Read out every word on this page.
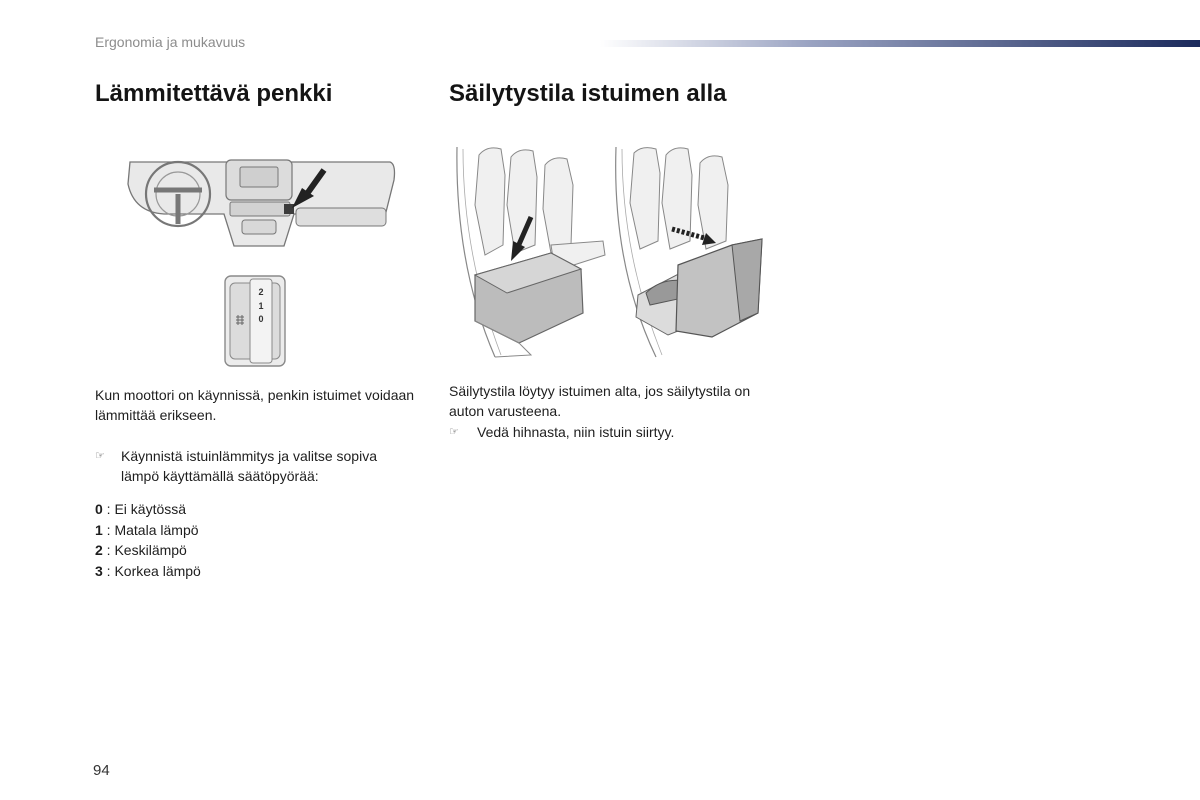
Ergonomia ja mukavuus
Lämmitettävä penkki
2
1
0

Kun moottori on käynnissä, penkin istuimet voidaan lämmittää erikseen.

☞	Käynnistä istuinlämmitys ja valitse sopiva lämpö käyttämällä säätöpyörää:
0 : Ei käytössä
1 : Matala lämpö
2 : Keskilämpö
3 : Korkea lämpö
Säilytystila istuimen alla

Säilytystila löytyy istuimen alta, jos säilytystila on auton varusteena.

☞	Vedä hihnasta, niin istuin siirtyy.
94
